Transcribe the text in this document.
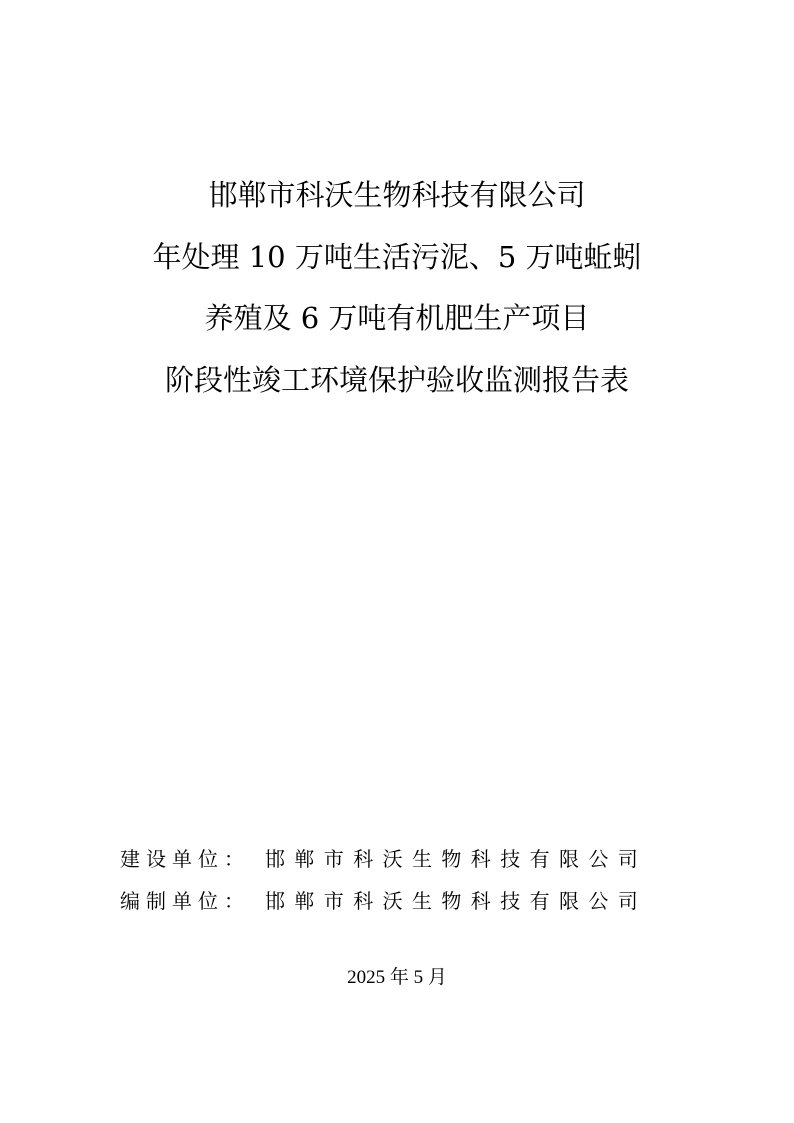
邯郸市科沃生物科技有限公司
年处理 10 万吨生活污泥、5 万吨蚯蚓
养殖及 6 万吨有机肥生产项目
阶段性竣工环境保护验收监测报告表
建设单位： 邯郸市科沃生物科技有限公司
编制单位： 邯郸市科沃生物科技有限公司
2025 年 5 月
